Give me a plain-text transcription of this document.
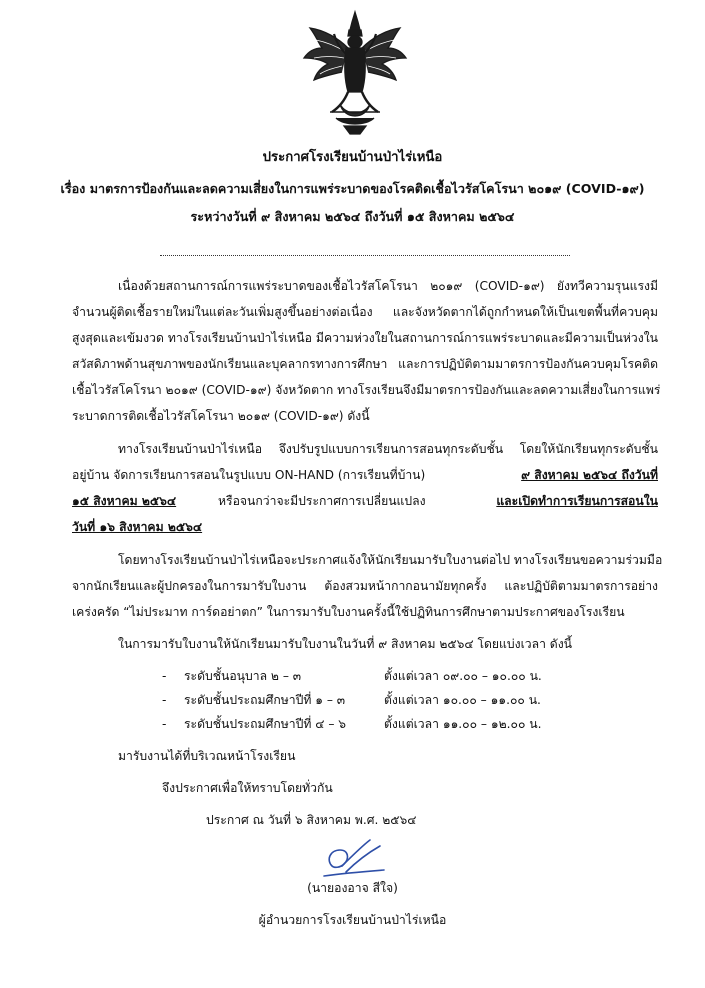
ประกาศโรงเรียนบ้านป่าไร่เหนือ
เรื่อง มาตรการป้องกันและลดความเสี่ยงในการแพร่ระบาดของโรคติดเชื้อไวรัสโคโรนา ๒๐๑๙ (COVID-๑๙)
ระหว่างวันที่ ๙ สิงหาคม ๒๕๖๔ ถึงวันที่ ๑๕ สิงหาคม ๒๕๖๔
เนื่องด้วยสถานการณ์การแพร่ระบาดของเชื้อไวรัสโคโรนา ๒๐๑๙ (COVID-๑๙) ยังทวีความรุนแรงมี
จำนวนผู้ติดเชื้อรายใหม่ในแต่ละวันเพิ่มสูงขึ้นอย่างต่อเนื่อง และจังหวัดตากได้ถูกกำหนดให้เป็นเขตพื้นที่ควบคุม
สูงสุดและเข้มงวด ทางโรงเรียนบ้านป่าไร่เหนือ มีความห่วงใยในสถานการณ์การแพร่ระบาดและมีความเป็นห่วงใน
สวัสดิภาพด้านสุขภาพของนักเรียนและบุคลากรทางการศึกษา และการปฏิบัติตามมาตรการป้องกันควบคุมโรคติด
เชื้อไวรัสโคโรนา ๒๐๑๙ (COVID-๑๙) จังหวัดตาก ทางโรงเรียนจึงมีมาตรการป้องกันและลดความเสี่ยงในการแพร่
ระบาดการติดเชื้อไวรัสโคโรนา ๒๐๑๙ (COVID-๑๙) ดังนี้
ทางโรงเรียนบ้านป่าไร่เหนือ จึงปรับรูปแบบการเรียนการสอนทุกระดับชั้น โดยให้นักเรียนทุกระดับชั้น
อยู่บ้าน จัดการเรียนการสอนในรูปแบบ ON-HAND (การเรียนที่บ้าน)	๙ สิงหาคม ๒๕๖๔ ถึงวันที่
๑๕ สิงหาคม ๒๕๖๔	หรือจนกว่าจะมีประกาศการเปลี่ยนแปลง	และเปิดทำการเรียนการสอนใน
วันที่ ๑๖ สิงหาคม ๒๕๖๔
โดยทางโรงเรียนบ้านป่าไร่เหนือจะประกาศแจ้งให้นักเรียนมารับใบงานต่อไป ทางโรงเรียนขอความร่วมมือ
จากนักเรียนและผู้ปกครองในการมารับใบงาน ต้องสวมหน้ากากอนามัยทุกครั้ง และปฏิบัติตามมาตรการอย่าง
เคร่งครัด “ไม่ประมาท การ์ดอย่าตก” ในการมารับใบงานครั้งนี้ใช้ปฏิทินการศึกษาตามประกาศของโรงเรียน
ในการมารับใบงานให้นักเรียนมารับใบงานในวันที่ ๙ สิงหาคม ๒๕๖๔ โดยแบ่งเวลา ดังนี้
- ระดับชั้นอนุบาล ๒ – ๓	ตั้งแต่เวลา ๐๙.๐๐ – ๑๐.๐๐ น.
- ระดับชั้นประถมศึกษาปีที่ ๑ – ๓	ตั้งแต่เวลา ๑๐.๐๐ – ๑๑.๐๐ น.
- ระดับชั้นประถมศึกษาปีที่ ๔ – ๖	ตั้งแต่เวลา ๑๑.๐๐ – ๑๒.๐๐ น.
มารับงานได้ที่บริเวณหน้าโรงเรียน
จึงประกาศเพื่อให้ทราบโดยทั่วกัน
ประกาศ ณ วันที่ ๖ สิงหาคม พ.ศ. ๒๕๖๔
(นายองอาจ สีใจ)
ผู้อำนวยการโรงเรียนบ้านป่าไร่เหนือ
